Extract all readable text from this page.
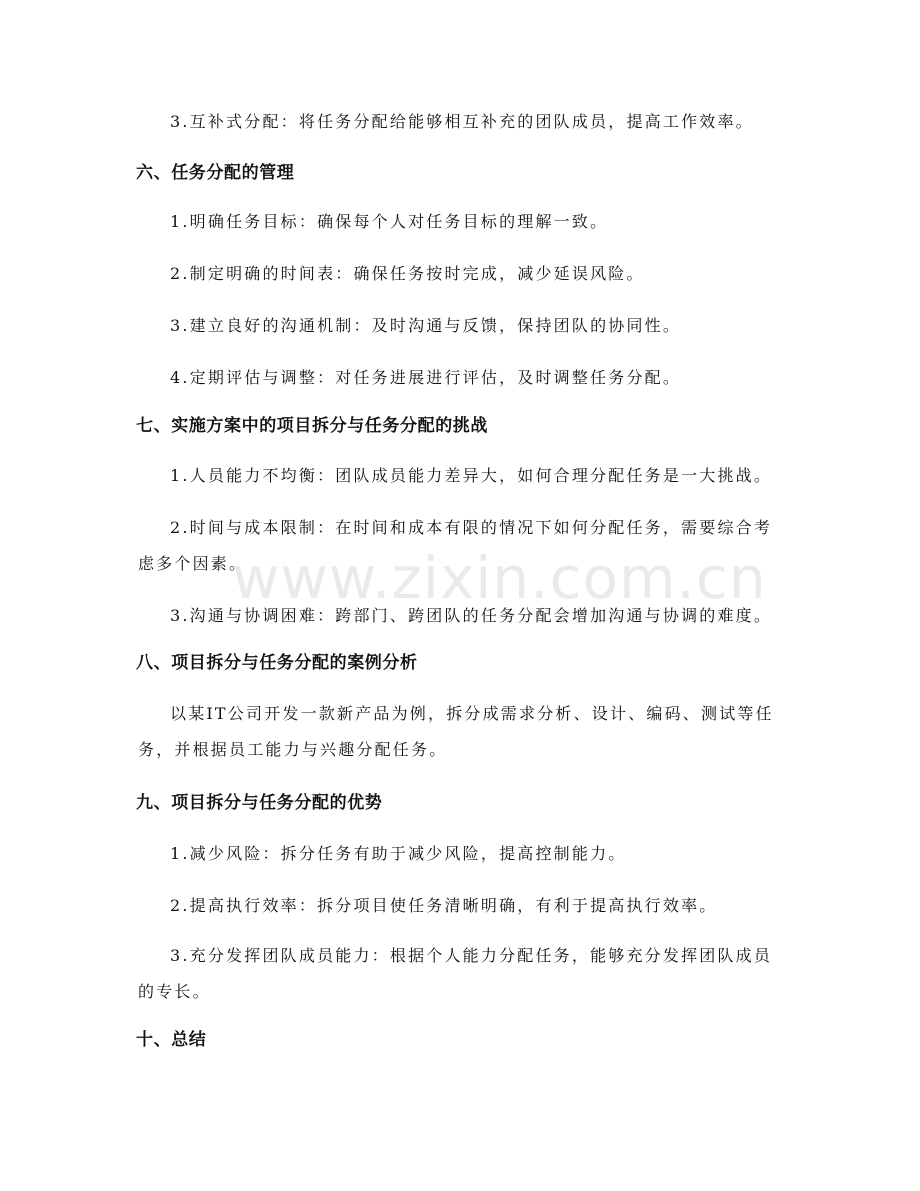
www.zixin.com.cn

3.互补式分配：将任务分配给能够相互补充的团队成员，提高工作效率。

六、任务分配的管理

1.明确任务目标：确保每个人对任务目标的理解一致。

2.制定明确的时间表：确保任务按时完成，减少延误风险。

3.建立良好的沟通机制：及时沟通与反馈，保持团队的协同性。

4.定期评估与调整：对任务进展进行评估，及时调整任务分配。

七、实施方案中的项目拆分与任务分配的挑战

1.人员能力不均衡：团队成员能力差异大，如何合理分配任务是一大挑战。

2.时间与成本限制：在时间和成本有限的情况下如何分配任务，需要综合考虑多个因素。

3.沟通与协调困难：跨部门、跨团队的任务分配会增加沟通与协调的难度。

八、项目拆分与任务分配的案例分析

以某IT公司开发一款新产品为例，拆分成需求分析、设计、编码、测试等任务，并根据员工能力与兴趣分配任务。

九、项目拆分与任务分配的优势

1.减少风险：拆分任务有助于减少风险，提高控制能力。

2.提高执行效率：拆分项目使任务清晰明确，有利于提高执行效率。

3.充分发挥团队成员能力：根据个人能力分配任务，能够充分发挥团队成员的专长。

十、总结
